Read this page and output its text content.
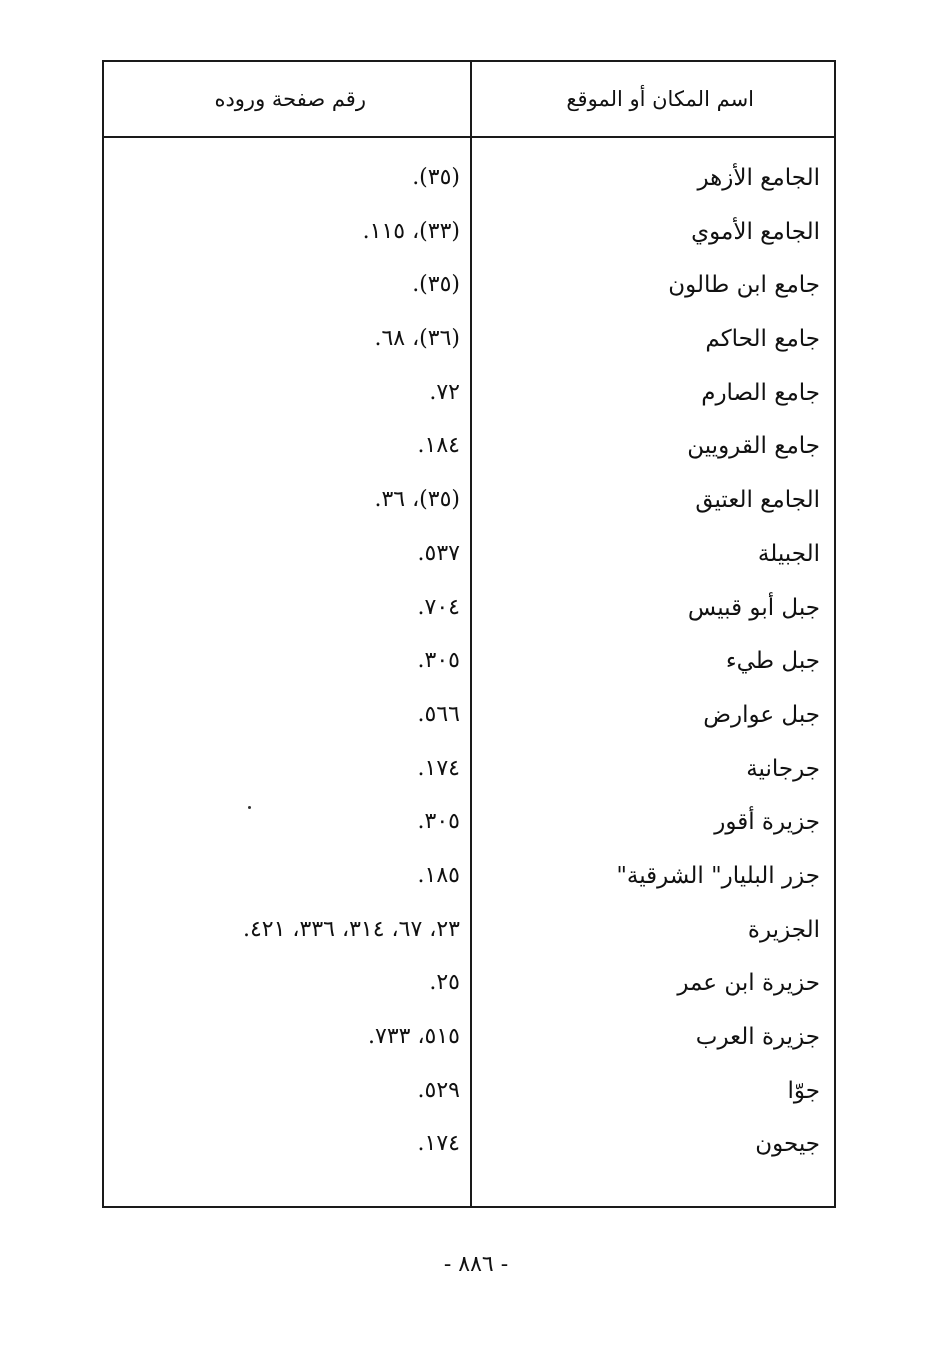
اسم المكان أو الموقع
رقم صفحة وروده
الجامع الأزهر
(٣٥).
الجامع الأموي
(٣٣)، ١١٥.
جامع ابن طالون
(٣٥).
جامع الحاكم
(٣٦)، ٦٨.
جامع الصارم
٧٢.
جامع القرويين
١٨٤.
الجامع العتيق
(٣٥)، ٣٦.
الجبيلة
٥٣٧.
جبل أبو قبيس
٧٠٤.
جبل طيء
٣٠٥.
جبل عوارض
٥٦٦.
جرجانية
١٧٤.
جزيرة أقور
٣٠٥.
جزر البليار" الشرقية"
١٨٥.
الجزيرة
٢٣، ٦٧، ٣١٤، ٣٣٦، ٤٢١.
حزيرة ابن عمر
٢٥.
جزيرة العرب
٥١٥، ٧٣٣.
جوّا
٥٢٩.
جيحون
١٧٤.
- ٨٨٦ -
